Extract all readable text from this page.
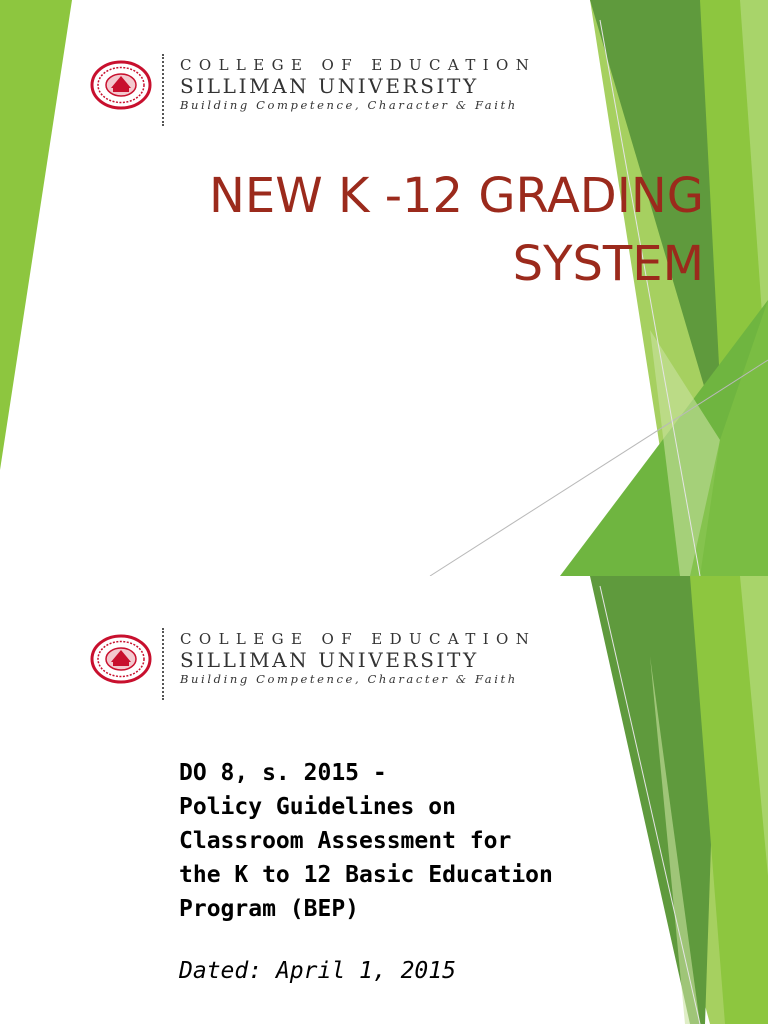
COLLEGE OF EDUCATION
SILLIMAN UNIVERSITY
Building Competence, Character & Faith
NEW K -12 GRADING
SYSTEM
COLLEGE OF EDUCATION
SILLIMAN UNIVERSITY
Building Competence, Character & Faith
DO 8, s. 2015 -
Policy Guidelines on
Classroom Assessment for
the K to 12 Basic Education
Program (BEP)
Dated: April 1, 2015
